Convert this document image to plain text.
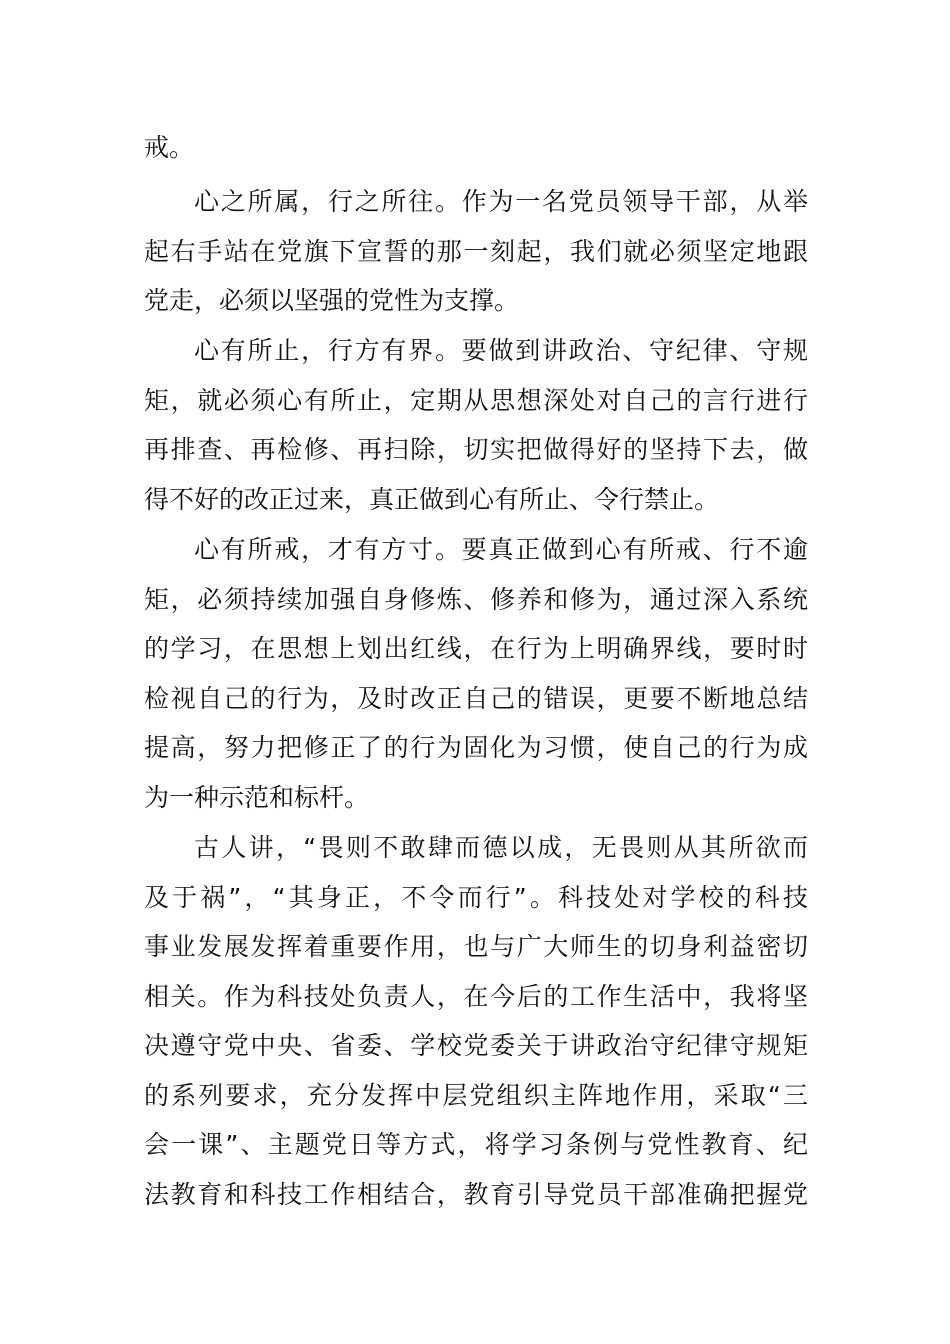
戒。
心之所属，行之所往。作为一名党员领导干部，从举
起右手站在党旗下宣誓的那一刻起，我们就必须坚定地跟
党走，必须以坚强的党性为支撑。
心有所止，行方有界。要做到讲政治、守纪律、守规
矩，就必须心有所止，定期从思想深处对自己的言行进行
再排查、再检修、再扫除，切实把做得好的坚持下去，做
得不好的改正过来，真正做到心有所止、令行禁止。
心有所戒，才有方寸。要真正做到心有所戒、行不逾
矩，必须持续加强自身修炼、修养和修为，通过深入系统
的学习，在思想上划出红线，在行为上明确界线，要时时
检视自己的行为，及时改正自己的错误，更要不断地总结
提高，努力把修正了的行为固化为习惯，使自己的行为成
为一种示范和标杆。
古人讲，“畏则不敢肆而德以成，无畏则从其所欲而
及于祸”，“其身正，不令而行”。科技处对学校的科技
事业发展发挥着重要作用，也与广大师生的切身利益密切
相关。作为科技处负责人，在今后的工作生活中，我将坚
决遵守党中央、省委、学校党委关于讲政治守纪律守规矩
的系列要求，充分发挥中层党组织主阵地作用，采取“三
会一课”、主题党日等方式，将学习条例与党性教育、纪
法教育和科技工作相结合，教育引导党员干部准确把握党
